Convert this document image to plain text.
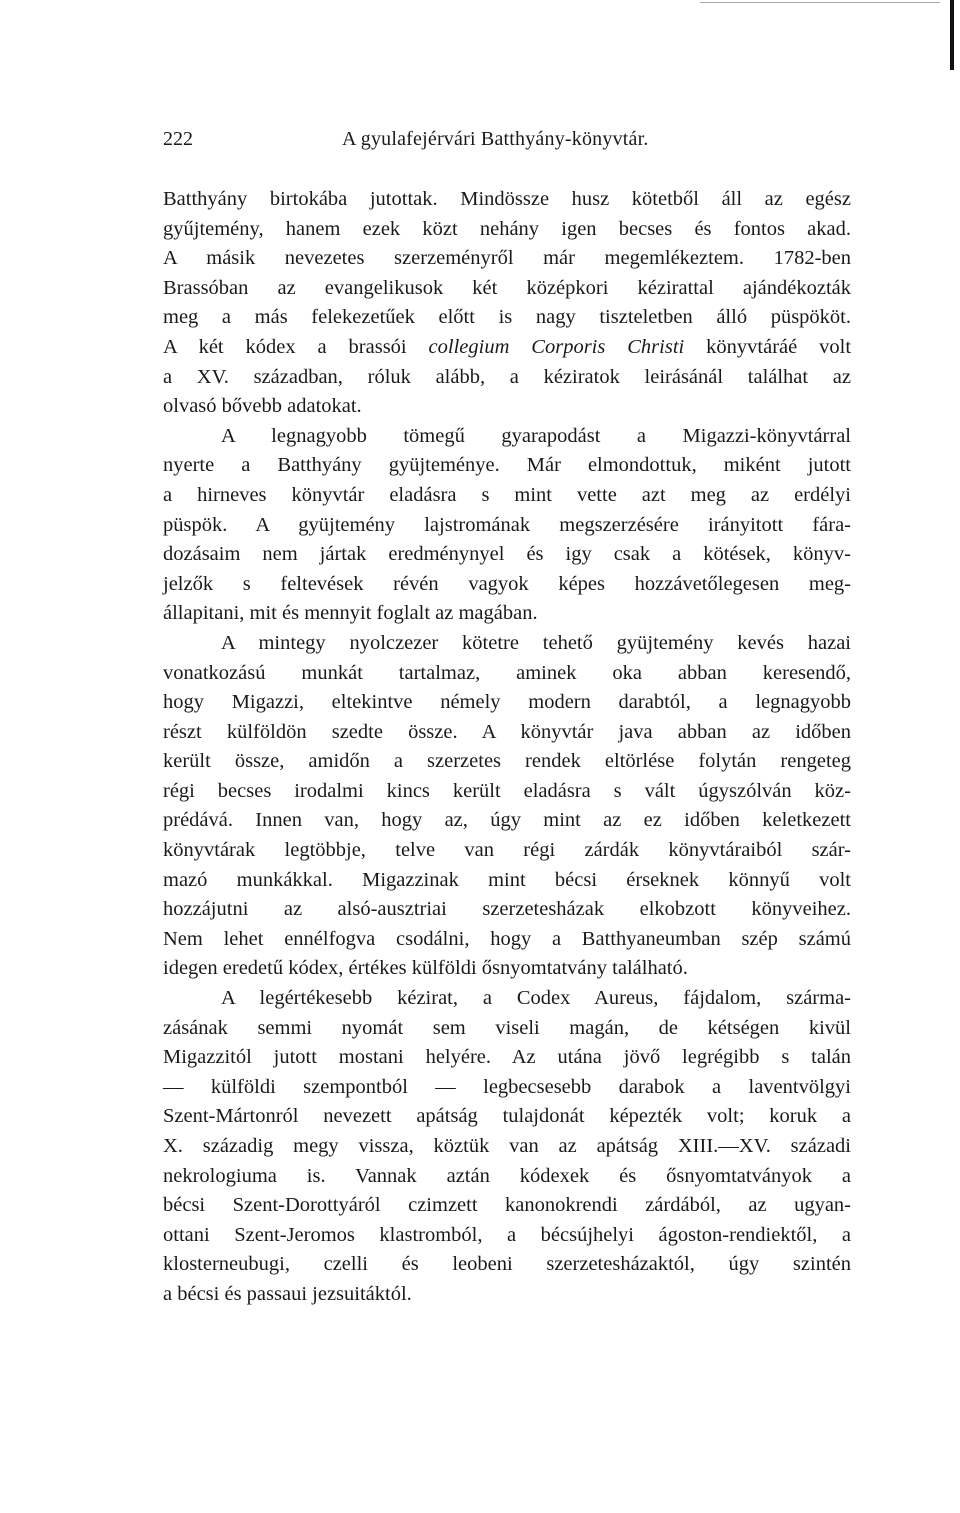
222	A gyulafejérvári Batthyány-könyvtár.
Batthyány birtokába jutottak. Mindössze husz kötetből áll az egész
gyűjtemény, hanem ezek közt nehány igen becses és fontos akad.
A másik nevezetes szerzeményről már megemlékeztem. 1782-ben
Brassóban az evangelikusok két középkori kézirattal ajándékozták
meg a más felekezetűek előtt is nagy tiszteletben álló püspököt.
A két kódex a brassói collegium Corporis Christi könyvtáráé volt
a XV. században, róluk alább, a kéziratok leirásánál találhat az
olvasó bővebb adatokat.
A legnagyobb tömegű gyarapodást a Migazzi-könyvtárral
nyerte a Batthyány gyüjteménye. Már elmondottuk, miként jutott
a hirneves könyvtár eladásra s mint vette azt meg az erdélyi
püspök. A gyüjtemény lajstromának megszerzésére irányitott fára-
dozásaim nem jártak eredménynyel és igy csak a kötések, könyv-
jelzők s feltevések révén vagyok képes hozzávetőlegesen meg-
állapitani, mit és mennyit foglalt az magában.
A mintegy nyolczezer kötetre tehető gyüjtemény kevés hazai
vonatkozású munkát tartalmaz, aminek oka abban keresendő,
hogy Migazzi, eltekintve némely modern darabtól, a legnagyobb
részt külföldön szedte össze. A könyvtár java abban az időben
került össze, amidőn a szerzetes rendek eltörlése folytán rengeteg
régi becses irodalmi kincs került eladásra s vált úgyszólván köz-
prédává. Innen van, hogy az, úgy mint az ez időben keletkezett
könyvtárak legtöbbje, telve van régi zárdák könyvtáraiból szár-
mazó munkákkal. Migazzinak mint bécsi érseknek könnyű volt
hozzájutni az alsó-ausztriai szerzetesházak elkobzott könyveihez.
Nem lehet ennélfogva csodálni, hogy a Batthyaneumban szép számú
idegen eredetű kódex, értékes külföldi ősnyomtatvány található.
A legértékesebb kézirat, a Codex Aureus, fájdalom, szárma-
zásának semmi nyomát sem viseli magán, de kétségen kivül
Migazzitól jutott mostani helyére. Az utána jövő legrégibb s talán
— külföldi szempontból — legbecsesebb darabok a laventvölgyi
Szent-Mártonról nevezett apátság tulajdonát képezték volt; koruk a
X. századig megy vissza, köztük van az apátság XIII.—XV. századi
nekrologiuma is. Vannak aztán kódexek és ősnyomtatványok a
bécsi Szent-Dorottyáról czimzett kanonokrendi zárdából, az ugyan-
ottani Szent-Jeromos klastromból, a bécsújhelyi ágoston-rendiektől, a
klosterneubugi, czelli és leobeni szerzetesházaktól, úgy szintén
a bécsi és passaui jezsuitáktól.
